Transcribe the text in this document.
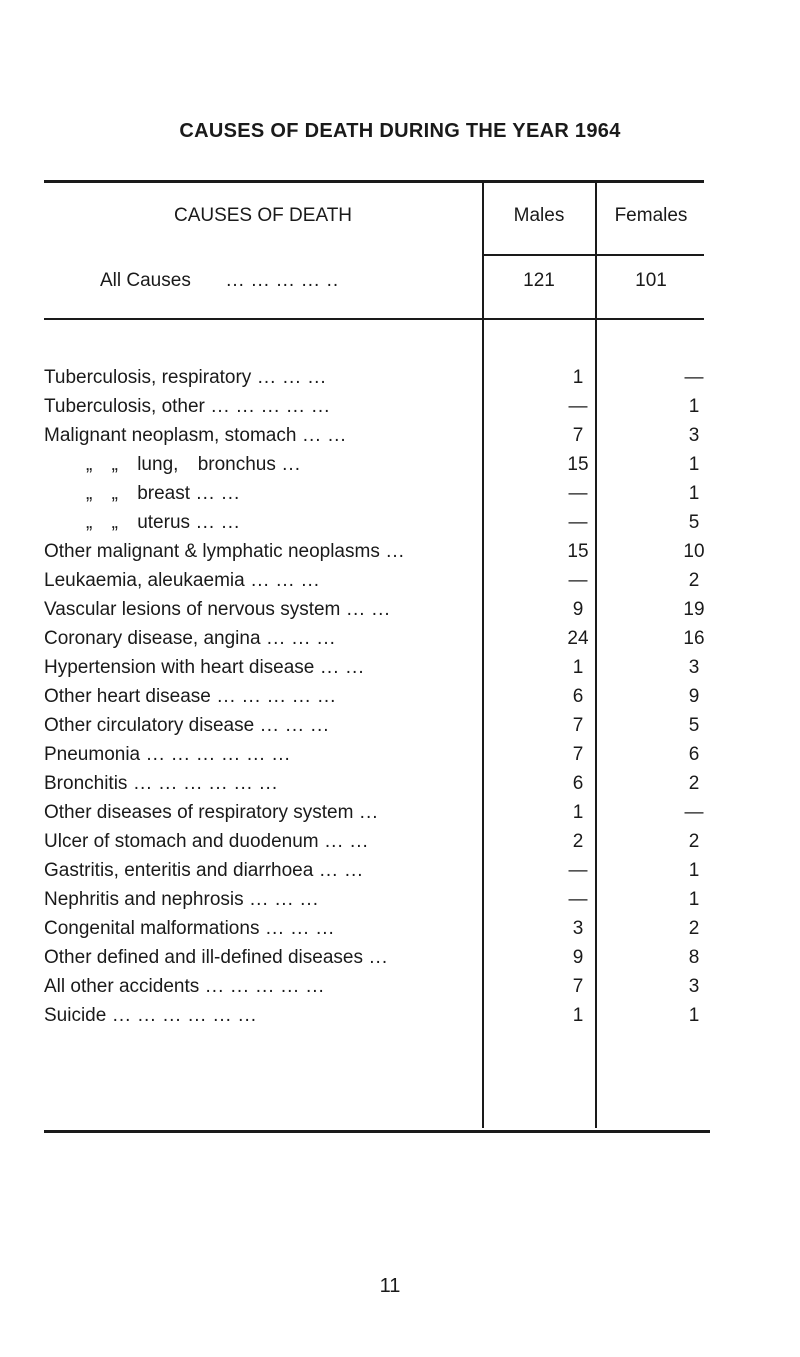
CAUSES OF DEATH DURING THE YEAR 1964
CAUSES OF DEATH	Males	Females
All Causes ... ... ... ... ..	121	101
Tuberculosis, respiratory ... ... ...	1	—
Tuberculosis, other ... ... ... ... ...	—	1
Malignant neoplasm, stomach ... ...	7	3
„ „ lung, bronchus ...	15	1
„ „ breast ... ...	—	1
„ „ uterus ... ...	—	5
Other malignant & lymphatic neoplasms ...	15	10
Leukaemia, aleukaemia ... ... ...	—	2
Vascular lesions of nervous system ... ...	9	19
Coronary disease, angina ... ... ...	24	16
Hypertension with heart disease ... ...	1	3
Other heart disease ... ... ... ... ...	6	9
Other circulatory disease ... ... ...	7	5
Pneumonia ... ... ... ... ... ...	7	6
Bronchitis ... ... ... ... ... ...	6	2
Other diseases of respiratory system ...	1	—
Ulcer of stomach and duodenum ... ...	2	2
Gastritis, enteritis and diarrhoea ... ...	—	1
Nephritis and nephrosis ... ... ...	—	1
Congenital malformations ... ... ...	3	2
Other defined and ill-defined diseases ...	9	8
All other accidents ... ... ... ... ...	7	3
Suicide ... ... ... ... ... ...	1	1
11
